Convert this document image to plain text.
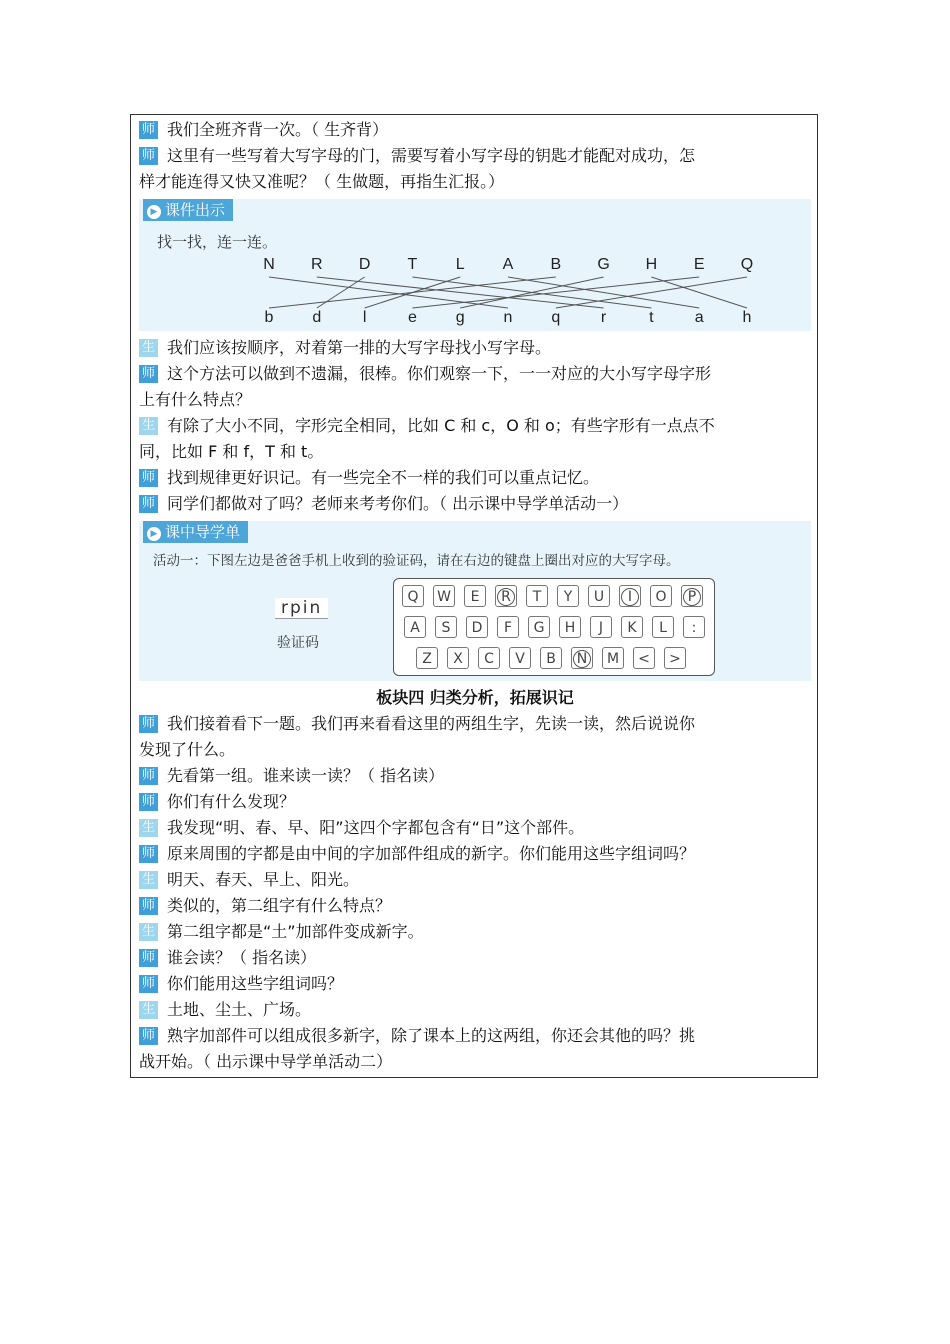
师 我们全班齐背一次。（ 生齐背）
师 这里有一些写着大写字母的门，需要写着小写字母的钥匙才能配对成功，怎
样才能连得又快又准呢？（ 生做题，再指生汇报。）
▶ 课件出示
找一找，连一连。
N R D T L A B G H E Q
b d	l	e g n q	r	t	a h
生 我们应该按顺序，对着第一排的大写字母找小写字母。
师 这个方法可以做到不遗漏，很棒。你们观察一下，一一对应的大小写字母字形
上有什么特点？
生 有除了大小不同，字形完全相同，比如 C 和 c，O 和 o；有些字形有一点点不
同，比如 F 和 f，T 和 t。
师 找到规律更好识记。有一些完全不一样的我们可以重点记忆。
师 同学们都做对了吗？老师来考考你们。（ 出示课中导学单活动一）
▶ 课中导学单
活动一：下图左边是爸爸手机上收到的验证码，请在右边的键盘上圈出对应的大写字母。
rpin
验证码
Q	W	E	R	T	Y	U	I	O	P
A	S	D	F	G	H	J	K	L	:
Z	X	C	V	B	N	M	<	>
板块四 归类分析，拓展识记
师 我们接着看下一题。我们再来看看这里的两组生字，先读一读，然后说说你
发现了什么。
师 先看第一组。谁来读一读？（ 指名读）
师 你们有什么发现？
生 我发现“明、春、早、阳”这四个字都包含有“日”这个部件。
师 原来周围的字都是由中间的字加部件组成的新字。你们能用这些字组词吗？
生 明天、春天、早上、阳光。
师 类似的，第二组字有什么特点？
生 第二组字都是“土”加部件变成新字。
师 谁会读？（ 指名读）
师 你们能用这些字组词吗？
生 土地、尘土、广场。
师 熟字加部件可以组成很多新字，除了课本上的这两组，你还会其他的吗？挑
战开始。（ 出示课中导学单活动二）
